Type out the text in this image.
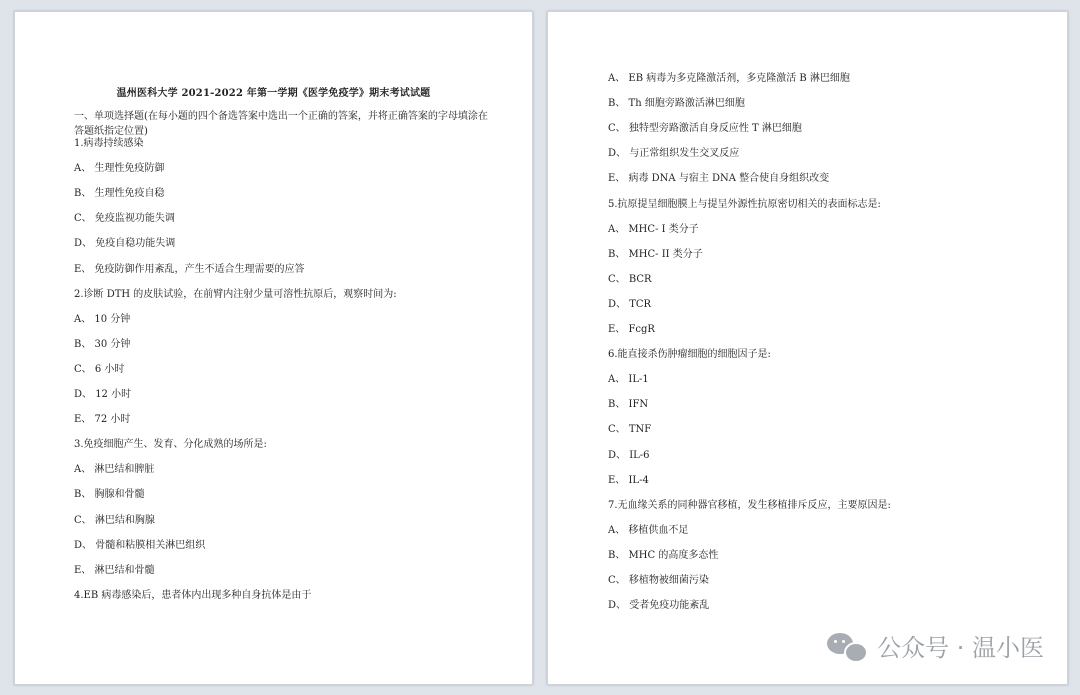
温州医科大学 2021-2022 年第一学期《医学免疫学》期末考试试题
一、单项选择题(在每小题的四个备选答案中选出一个正确的答案，并将正确答案的字母填涂在答题纸指定位置)
1.病毒持续感染
A、 生理性免疫防御
B、 生理性免疫自稳
C、 免疫监视功能失调
D、 免疫自稳功能失调
E、 免疫防御作用紊乱，产生不适合生理需要的应答
2.诊断 DTH 的皮肤试验，在前臂内注射少量可溶性抗原后，观察时间为:
A、 10 分钟
B、 30 分钟
C、 6 小时
D、 12 小时
E、 72 小时
3.免疫细胞产生、发育、分化成熟的场所是:
A、 淋巴结和脾脏
B、 胸腺和骨髓
C、 淋巴结和胸腺
D、 骨髓和粘膜相关淋巴组织
E、 淋巴结和骨髓
4.EB 病毒感染后，患者体内出现多种自身抗体是由于
A、 EB 病毒为多克隆激活剂，多克隆激活 B 淋巴细胞
B、 Th 细胞旁路激活淋巴细胞
C、 独特型旁路激活自身反应性 T 淋巴细胞
D、 与正常组织发生交叉反应
E、 病毒 DNA 与宿主 DNA 整合使自身组织改变
5.抗原提呈细胞膜上与提呈外源性抗原密切相关的表面标志是:
A、 MHC- I 类分子
B、 MHC- II 类分子
C、 BCR
D、 TCR
E、 FcgR
6.能直接杀伤肿瘤细胞的细胞因子是:
A、 IL-1
B、 IFN
C、 TNF
D、 IL-6
E、 IL-4
7.无血缘关系的同种器官移植，发生移植排斥反应，主要原因是:
A、 移植供血不足
B、 MHC 的高度多态性
C、 移植物被细菌污染
D、 受者免疫功能紊乱
公众号 · 温小医
